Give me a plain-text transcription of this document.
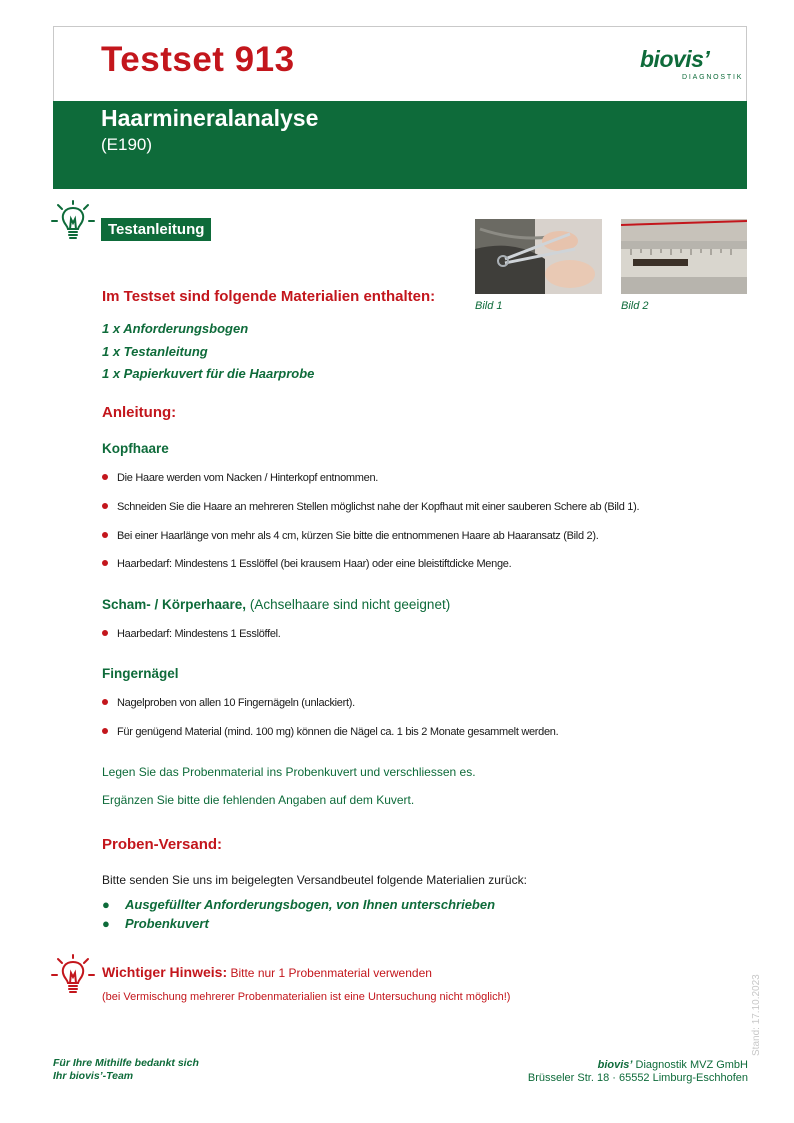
Testset 913	biovis’
DIAGNOSTIK
Haarmineralanalyse
(E190)
Testanleitung
Bild 1	Bild 2
Im Testset sind folgende Materialien enthalten:
1 x Anforderungsbogen
1 x Testanleitung
1 x Papierkuvert für die Haarprobe
Anleitung:
Kopfhaare
Die Haare werden vom Nacken / Hinterkopf entnommen.
Schneiden Sie die Haare an mehreren Stellen möglichst nahe der Kopfhaut mit einer sauberen Schere ab (Bild 1).
Bei einer Haarlänge von mehr als 4 cm, kürzen Sie bitte die entnommenen Haare ab Haaransatz (Bild 2).
Haarbedarf: Mindestens 1 Esslöffel (bei krausem Haar) oder eine bleistiftdicke Menge.
Scham- / Körperhaare, (Achselhaare sind nicht geeignet)
Haarbedarf: Mindestens 1 Esslöffel.
Fingernägel
Nagelproben von allen 10 Fingernägeln (unlackiert).
Für genügend Material (mind. 100 mg) können die Nägel ca. 1 bis 2 Monate gesammelt werden.
Legen Sie das Probenmaterial ins Probenkuvert und verschliessen es.
Ergänzen Sie bitte die fehlenden Angaben auf dem Kuvert.
Proben-Versand:
Bitte senden Sie uns im beigelegten Versandbeutel folgende Materialien zurück:
● Ausgefüllter Anforderungsbogen, von Ihnen unterschrieben
● Probenkuvert
Wichtiger Hinweis: Bitte nur 1 Probenmaterial verwenden
(bei Vermischung mehrerer Probenmaterialien ist eine Untersuchung nicht möglich!)	Stand: 17.10.2023
Für Ihre Mithilfe bedankt sich
Ihr biovis’-Team
biovis’ Diagnostik MVZ GmbH
Brüsseler Str. 18 · 65552 Limburg-Eschhofen
